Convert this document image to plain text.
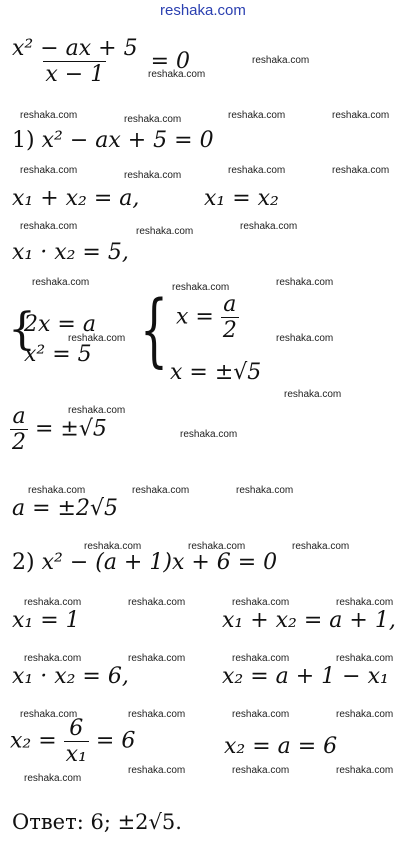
reshaka.com
$\frac{\text{x² − ax + 5}}{x - 1} = 0$
1) x² − ax + 5 = 0
x₁ + x₂ = a,	x₁ = x₂
x₁ · x₂ = 5,
{
2x = a
x² = 5 { $x = \frac{a}{2}$
x = ±√5
$\frac{a}{2} = \pm√5$
a = ±2√5
2) x² − (a + 1)x + 6 = 0
x₁ = 1	x₁ + x₂ = a + 1,
x₁ · x₂ = 6,	x₂ = a + 1 − x₁
$x_2 = \frac{6}{\text{x₁}} = 6$	x₂ = a = 6
Ответ: 6; ±2√5.
reshaka.com
reshaka.com
reshaka.com	reshaka.com	reshaka.com	reshaka.com
reshaka.com	reshaka.com	reshaka.com	reshaka.com
reshaka.com	reshaka.com	reshaka.com
reshaka.com	reshaka.com	reshaka.com
reshaka.com	reshaka.com
reshaka.com
reshaka.com
reshaka.com
reshaka.com	reshaka.com	reshaka.com
reshaka.com	reshaka.com	reshaka.com
reshaka.com	reshaka.com	reshaka.com	reshaka.com
reshaka.com	reshaka.com	reshaka.com	reshaka.com
reshaka.com	reshaka.com	reshaka.com	reshaka.com
reshaka.com
reshaka.com	reshaka.com	reshaka.com
